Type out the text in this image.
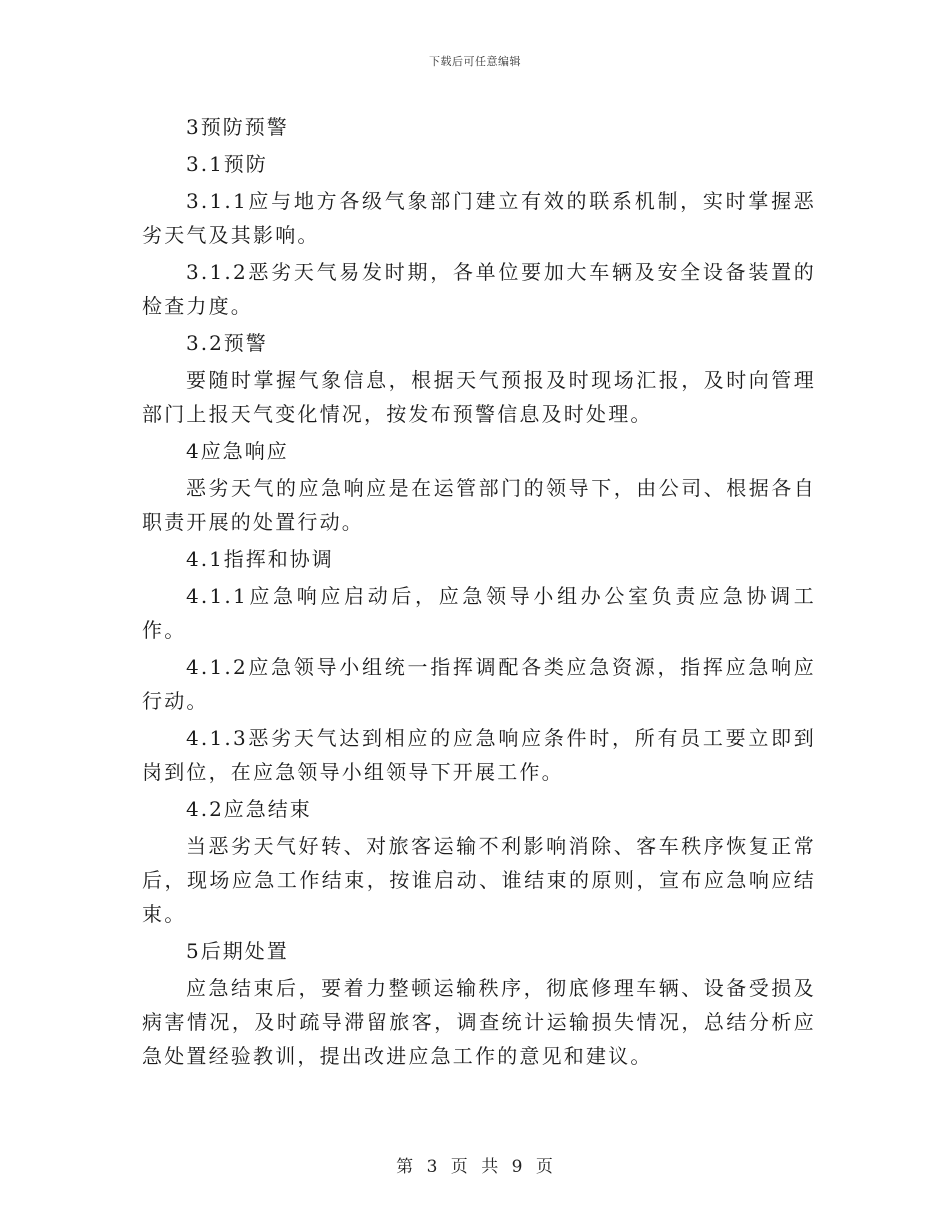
下载后可任意编辑

3预防预警

3.1预防

3.1.1应与地方各级气象部门建立有效的联系机制，实时掌握恶劣天气及其影响。

3.1.2恶劣天气易发时期，各单位要加大车辆及安全设备装置的检查力度。

3.2预警

要随时掌握气象信息，根据天气预报及时现场汇报，及时向管理部门上报天气变化情况，按发布预警信息及时处理。

4应急响应

恶劣天气的应急响应是在运管部门的领导下，由公司、根据各自职责开展的处置行动。

4.1指挥和协调

4.1.1应急响应启动后，应急领导小组办公室负责应急协调工作。

4.1.2应急领导小组统一指挥调配各类应急资源，指挥应急响应行动。

4.1.3恶劣天气达到相应的应急响应条件时，所有员工要立即到岗到位，在应急领导小组领导下开展工作。

4.2应急结束

当恶劣天气好转、对旅客运输不利影响消除、客车秩序恢复正常后，现场应急工作结束，按谁启动、谁结束的原则，宣布应急响应结束。

5后期处置

应急结束后，要着力整顿运输秩序，彻底修理车辆、设备受损及病害情况，及时疏导滞留旅客，调查统计运输损失情况，总结分析应急处置经验教训，提出改进应急工作的意见和建议。

第 3 页 共 9 页
